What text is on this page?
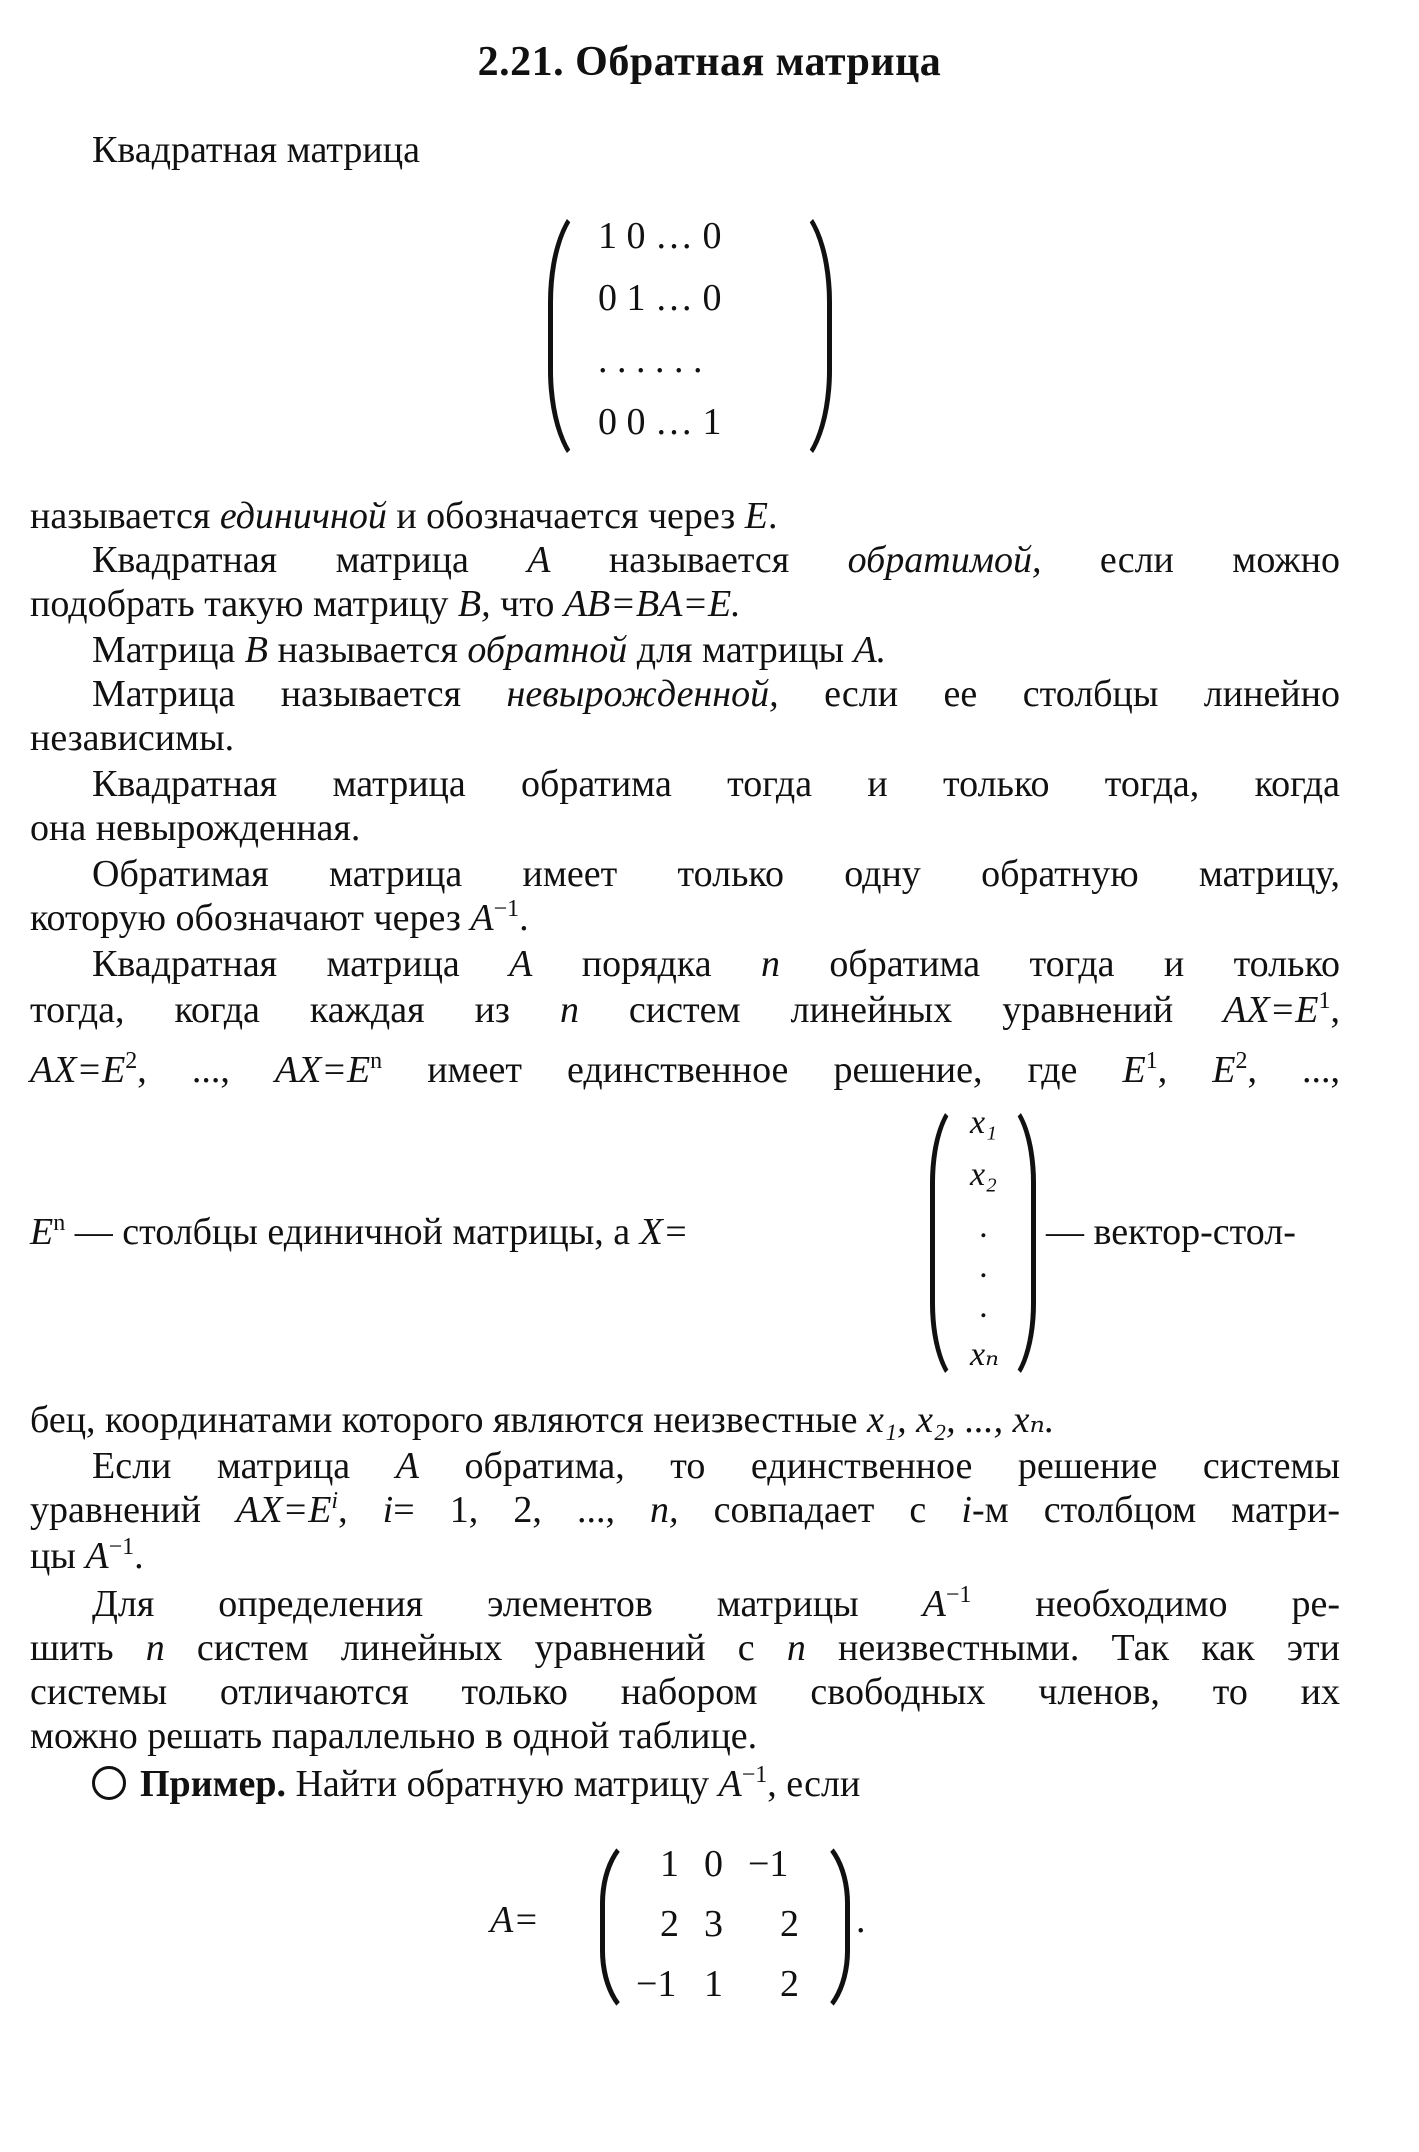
2.21. Обратная матрица
Квадратная матрица
1 0 … 0
0 1 … 0
. . . . . .
0 0 … 1
называется единичной и обозначается через E.
Квадратная матрица A называется обратимой, если можно
подобрать такую матрицу B, что AB=BA=E.
Матрица B называется обратной для матрицы A.
Матрица называется невырожденной, если ее столбцы линейно
независимы.
Квадратная матрица обратима тогда и только тогда, когда
она невырожденная.
Обратимая матрица имеет только одну обратную матрицу,
которую обозначают через $A^{-1}$.
Квадратная матрица A порядка n обратима тогда и только
тогда, когда каждая из n систем линейных уравнений $AX=E^1$,
$AX=E^2$, ..., $AX=E^n$ имеет единственное решение, где $E^1$, $E^2$, ...,
$E^n$ — столбцы единичной матрицы, а X=
x₁
x₂
.
.
.
xₙ
— вектор-стол-
бец, координатами которого являются неизвестные x₁, x₂, ..., xₙ.
Если матрица A обратима, то единственное решение системы
уравнений $AX=E^i$, i= 1, 2, ..., n, совпадает с i-м столбцом матри-
цы $A^{-1}$.
Для определения элементов матрицы $A^{-1}$ необходимо ре-
шить n систем линейных уравнений с n неизвестными. Так как эти
системы отличаются только набором свободных членов, то их
можно решать параллельно в одной таблице.
Пример. Найти обратную матрицу $A^{-1}$, если
A=
1 0 −1
2 3 2
−1 1 2
.
